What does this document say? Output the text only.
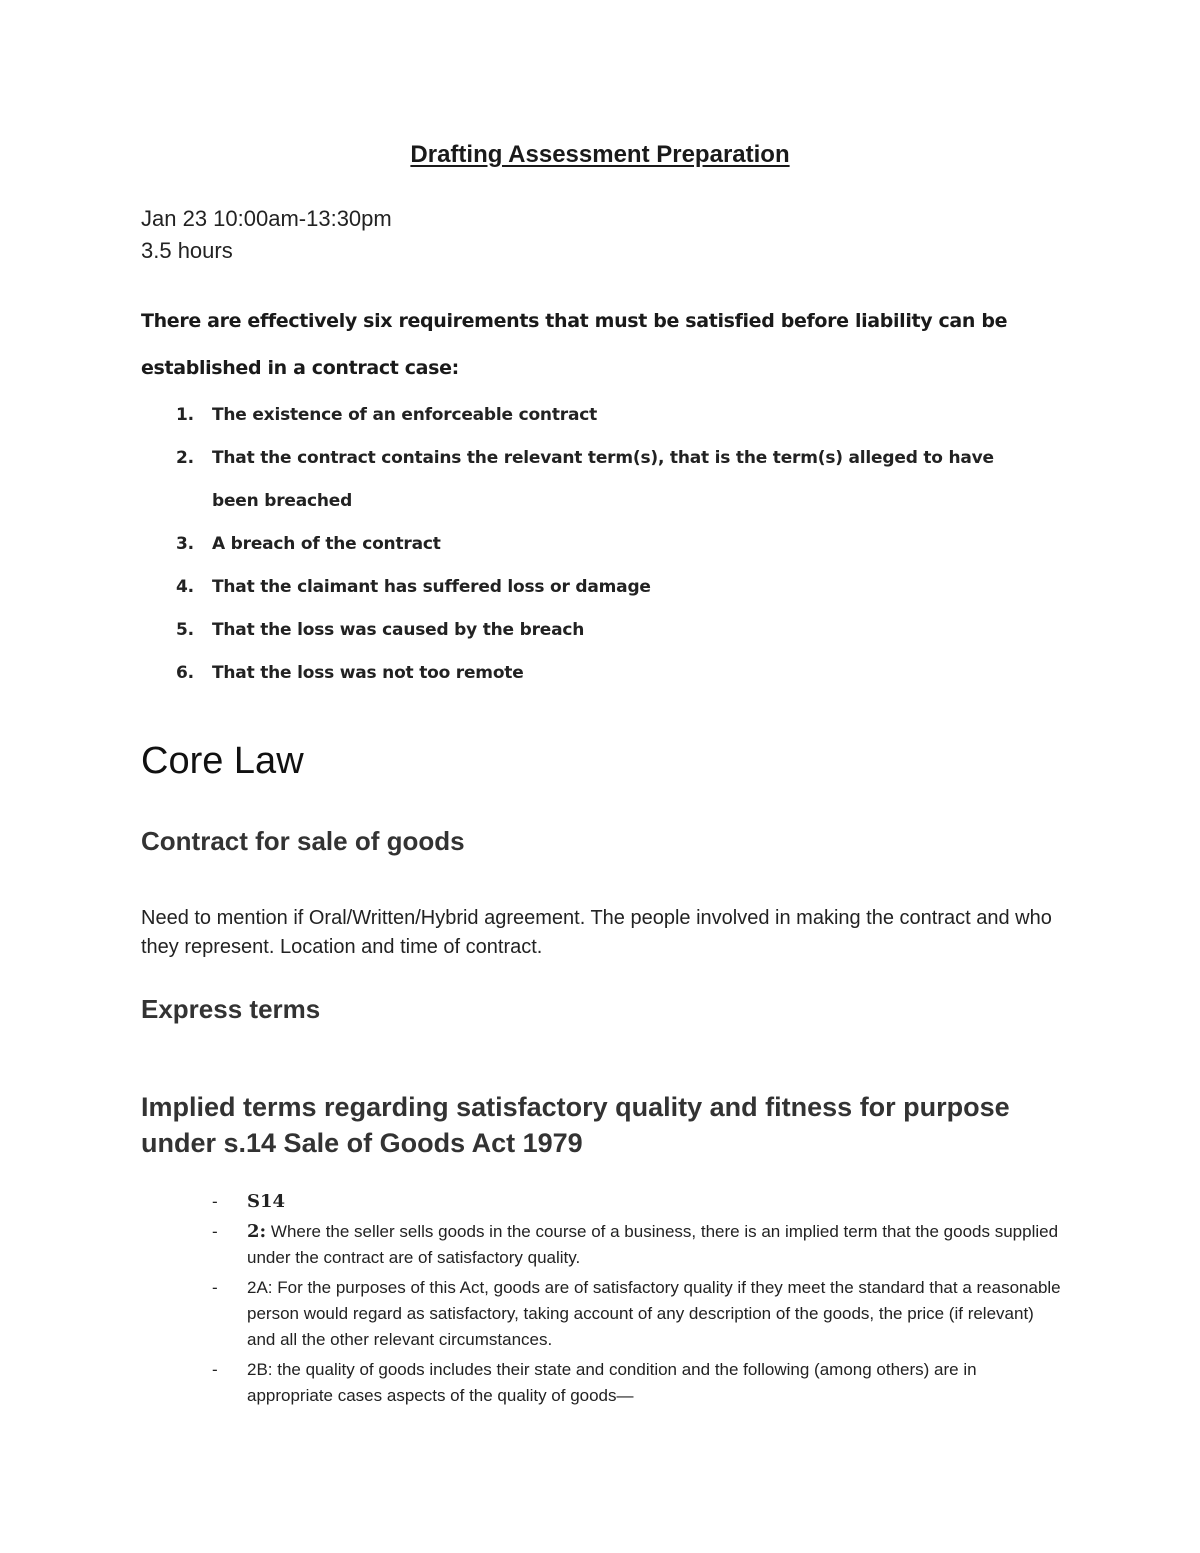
Drafting Assessment Preparation

Jan 23 10:00am-13:30pm

3.5 hours

There are effectively six requirements that must be satisfied before liability can be established in a contract case:

1. The existence of an enforceable contract
2. That the contract contains the relevant term(s), that is the term(s) alleged to have been breached
3. A breach of the contract
4. That the claimant has suffered loss or damage
5. That the loss was caused by the breach
6. That the loss was not too remote
Core Law
Contract for sale of goods

Need to mention if Oral/Written/Hybrid agreement. The people involved in making the contract and who they represent. Location and time of contract.

Express terms
Implied terms regarding satisfactory quality and fitness for purpose under s.14 Sale of Goods Act 1979
- S14
- 2: Where the seller sells goods in the course of a business, there is an implied term that the goods supplied under the contract are of satisfactory quality.
- 2A: For the purposes of this Act, goods are of satisfactory quality if they meet the standard that a reasonable person would regard as satisfactory, taking account of any description of the goods, the price (if relevant) and all the other relevant circumstances.
- 2B: the quality of goods includes their state and condition and the following (among others) are in appropriate cases aspects of the quality of goods—
